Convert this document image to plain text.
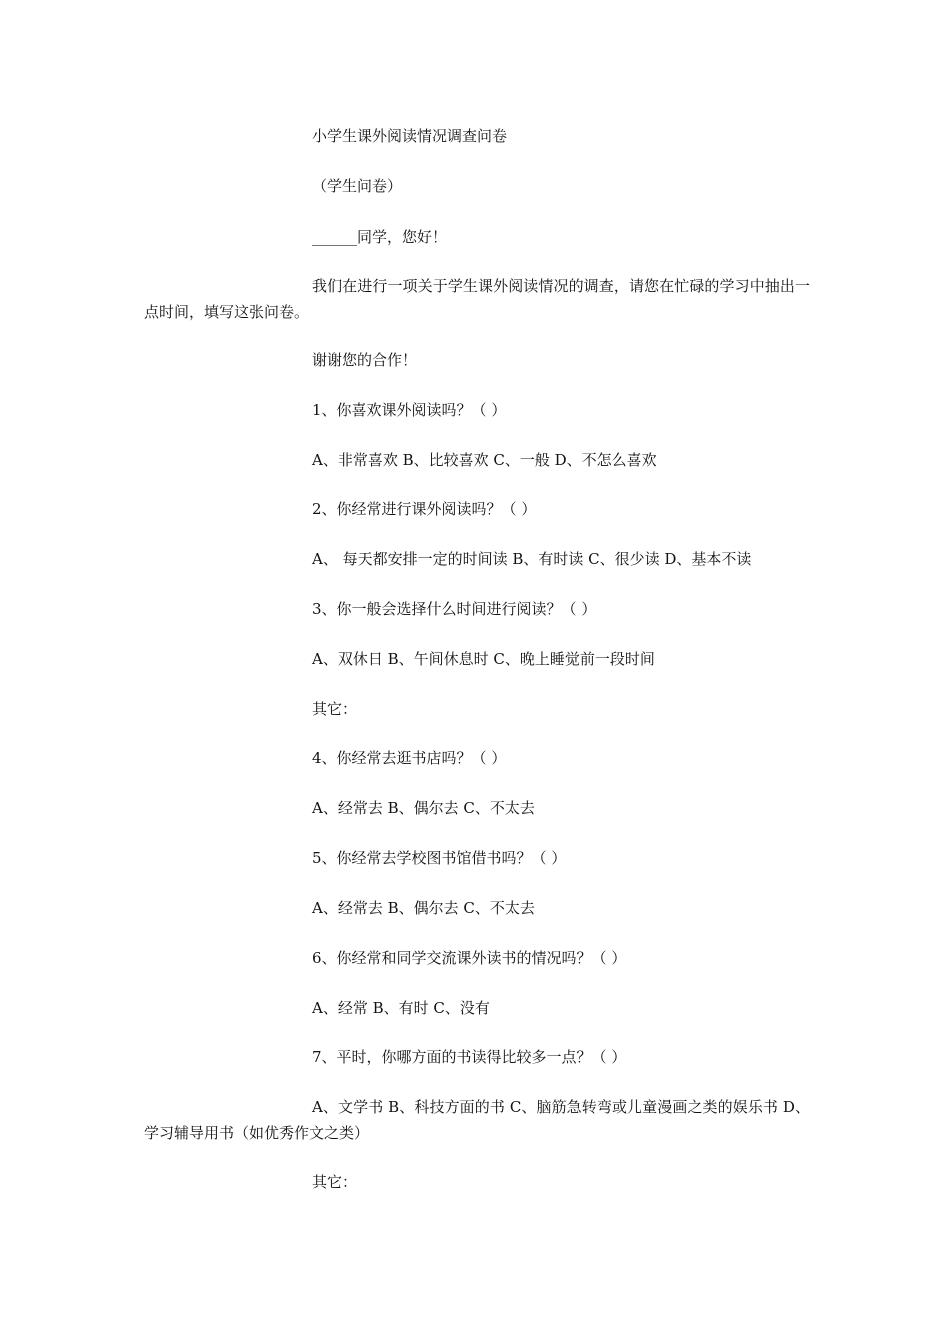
小学生课外阅读情况调查问卷

（学生问卷）

______同学，您好！

我们在进行一项关于学生课外阅读情况的调查，请您在忙碌的学习中抽出一点时间，填写这张问卷。

谢谢您的合作！

1、你喜欢课外阅读吗？（ ）

A、非常喜欢 B、比较喜欢 C、一般 D、不怎么喜欢

2、你经常进行课外阅读吗？（ ）

A、 每天都安排一定的时间读 B、有时读 C、很少读 D、基本不读

3、你一般会选择什么时间进行阅读？（ ）

A、双休日 B、午间休息时 C、晚上睡觉前一段时间

其它：

4、你经常去逛书店吗？（ ）

A、经常去 B、偶尔去 C、不太去

5、你经常去学校图书馆借书吗？（ ）

A、经常去 B、偶尔去 C、不太去

6、你经常和同学交流课外读书的情况吗？（ ）

A、经常 B、有时 C、没有

7、平时，你哪方面的书读得比较多一点？（ ）

A、文学书 B、科技方面的书 C、脑筋急转弯或儿童漫画之类的娱乐书 D、学习辅导用书（如优秀作文之类）

其它：
